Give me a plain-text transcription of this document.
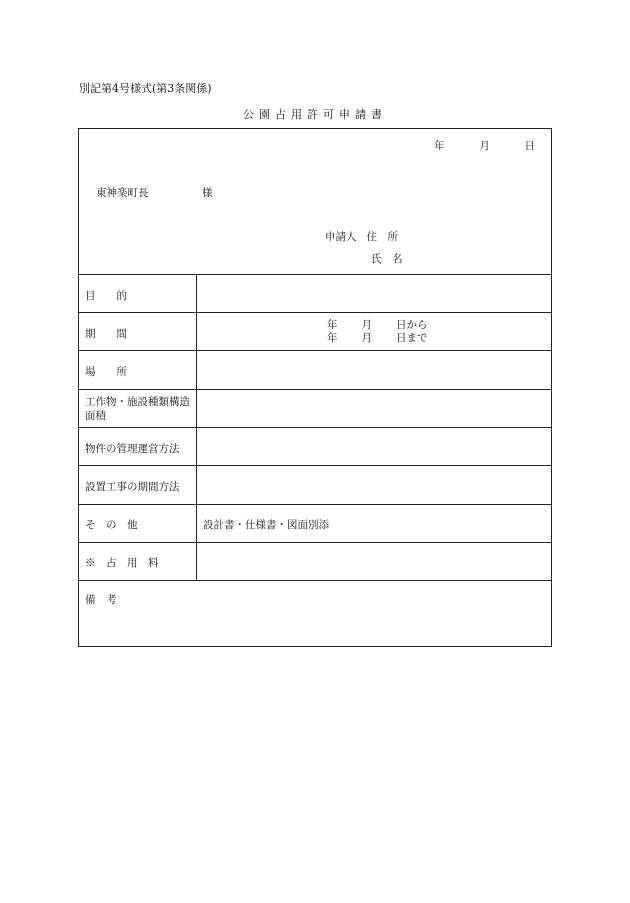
別記第4号様式(第3条関係)
公園占用許可申請書
年	月	日
東神楽町長	様
申請人 住　所
氏　名
目　　的
期　　間
年 月 日から
年 月 日まで
場　　所
工作物・施設種類構造面積
物件の管理運営方法
設置工事の期間方法
そ　の　他	設計書・仕様書・図面別添
※　占　用　料
備　考
